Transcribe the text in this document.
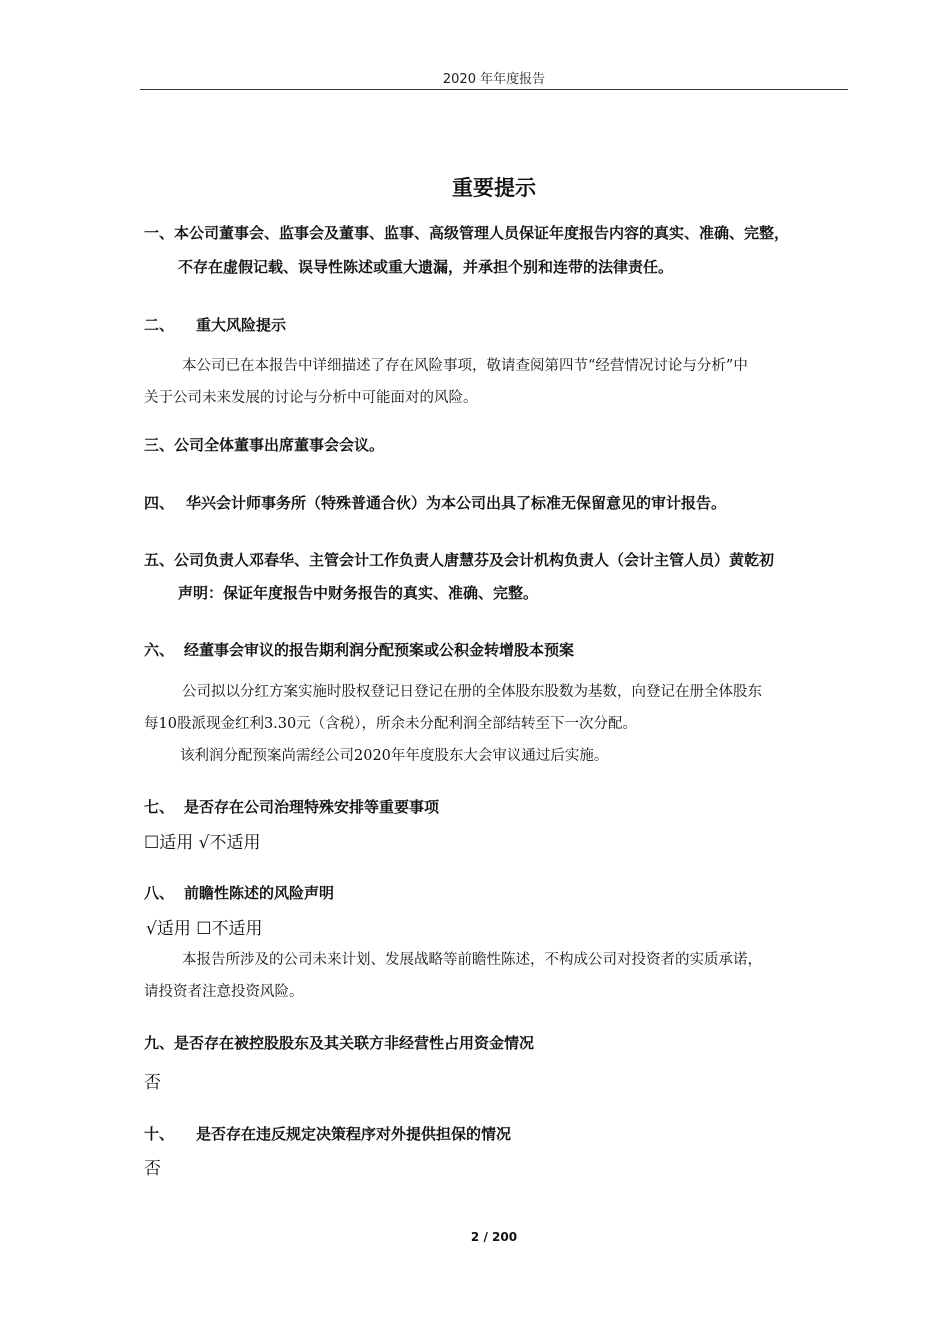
2020 年年度报告
重要提示
一、本公司董事会、监事会及董事、监事、高级管理人员保证年度报告内容的真实、准确、完整，
不存在虚假记载、误导性陈述或重大遗漏，并承担个别和连带的法律责任。
二、 重大风险提示
本公司已在本报告中详细描述了存在风险事项，敬请查阅第四节“经营情况讨论与分析”中
关于公司未来发展的讨论与分析中可能面对的风险。
三、公司全体董事出席董事会会议。
四、 华兴会计师事务所（特殊普通合伙）为本公司出具了标准无保留意见的审计报告。
五、公司负责人邓春华、主管会计工作负责人唐慧芬及会计机构负责人（会计主管人员）黄乾初
声明：保证年度报告中财务报告的真实、准确、完整。
六、 经董事会审议的报告期利润分配预案或公积金转增股本预案
公司拟以分红方案实施时股权登记日登记在册的全体股东股数为基数，向登记在册全体股东
每10股派现金红利3.30元（含税），所余未分配利润全部结转至下一次分配。
该利润分配预案尚需经公司2020年年度股东大会审议通过后实施。
七、 是否存在公司治理特殊安排等重要事项
☐适用 √不适用
八、 前瞻性陈述的风险声明
√适用 ☐不适用
本报告所涉及的公司未来计划、发展战略等前瞻性陈述，不构成公司对投资者的实质承诺，
请投资者注意投资风险。
九、是否存在被控股股东及其关联方非经营性占用资金情况
否
十、 是否存在违反规定决策程序对外提供担保的情况
否
2 / 200
